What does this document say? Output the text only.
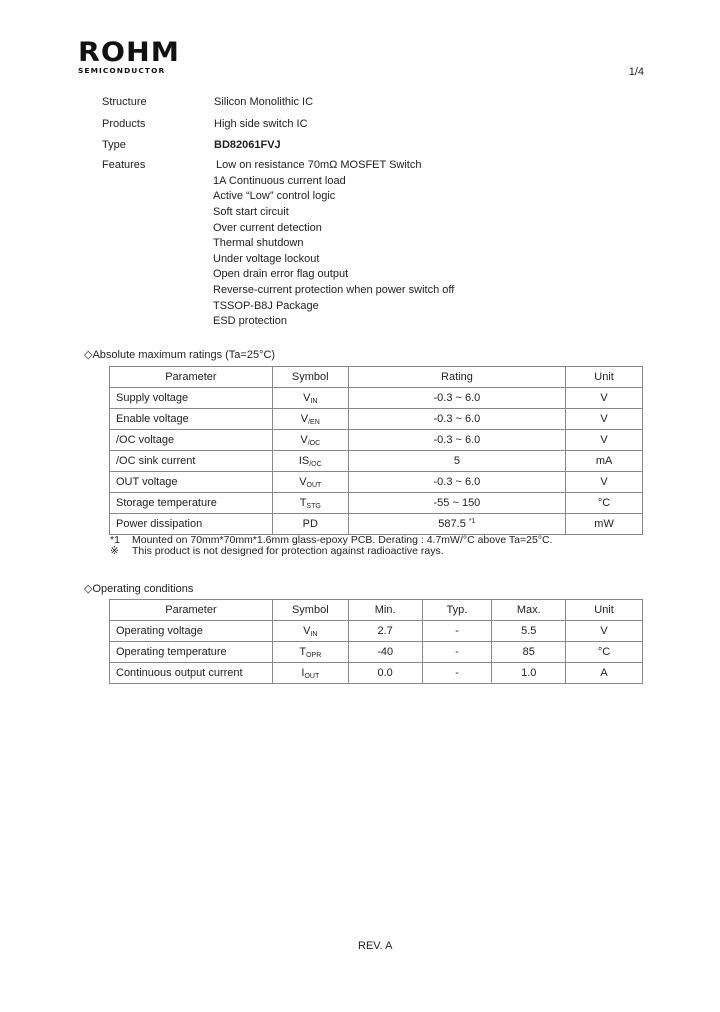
ROHM
SEMICONDUCTOR	1/4
Structure	Silicon Monolithic IC
Products	High side switch IC
Type	BD82061FVJ
Features	Low on resistance 70mΩ MOSFET Switch
1A Continuous current load
Active “Low” control logic
Soft start circuit
Over current detection
Thermal shutdown
Under voltage lockout
Open drain error flag output
Reverse-current protection when power switch off
TSSOP-B8J Package
ESD protection
◇Absolute maximum ratings (Ta=25°C)
Parameter	Symbol	Rating	Unit
Supply voltage	$V_{IN}$	-0.3 ~ 6.0	V
Enable voltage	$V_{/EN}$	-0.3 ~ 6.0	V
/OC voltage	$V_{/OC}$	-0.3 ~ 6.0	V
/OC sink current	$IS_{/OC}$	5	mA
OUT voltage	$V_{OUT}$	-0.3 ~ 6.0	V
Storage temperature	$T_{STG}$	-55 ~ 150	°C
Power dissipation	PD	587.5 $^{*1}$	mW
*1 Mounted on 70mm*70mm*1.6mm glass-epoxy PCB. Derating : 4.7mW/°C above Ta=25°C.
※ This product is not designed for protection against radioactive rays.
◇Operating conditions
Parameter	Symbol	Min.	Typ.	Max.	Unit
Operating voltage	$V_{IN}$	2.7	-	5.5	V
Operating temperature	$T_{OPR}$	-40	-	85	°C
Continuous output current	$I_{OUT}$	0.0	-	1.0	A
REV. A
